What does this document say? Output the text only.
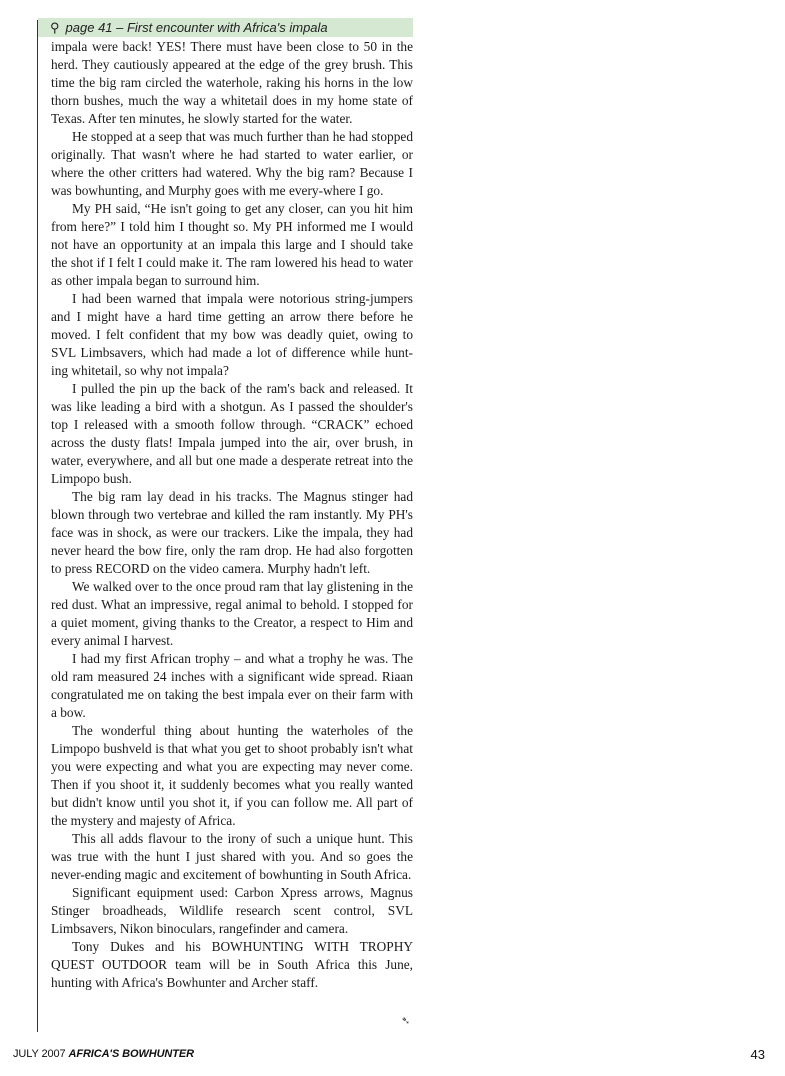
⚲ page 41 – First encounter with Africa's impala

impala were back! YES! There must have been close to 50 in the herd. They cautiously appeared at the edge of the grey brush. This time the big ram circled the waterhole, raking his horns in the low thorn bushes, much the way a whitetail does in my home state of Texas. After ten minutes, he slowly started for the water.

He stopped at a seep that was much further than he had stopped originally. That wasn't where he had started to water earlier, or where the other critters had watered. Why the big ram? Because I was bowhunting, and Murphy goes with me every-where I go.

My PH said, “He isn't going to get any closer, can you hit him from here?” I told him I thought so. My PH informed me I would not have an opportunity at an impala this large and I should take the shot if I felt I could make it. The ram lowered his head to water as other impala began to surround him.

I had been warned that impala were notorious string-jumpers and I might have a hard time getting an arrow there before he moved. I felt confident that my bow was deadly quiet, owing to SVL Limbsavers, which had made a lot of difference while hunt-ing whitetail, so why not impala?

I pulled the pin up the back of the ram's back and released. It was like leading a bird with a shotgun. As I passed the shoulder's top I released with a smooth follow through. “CRACK” echoed across the dusty flats! Impala jumped into the air, over brush, in water, everywhere, and all but one made a desperate retreat into the Limpopo bush.

The big ram lay dead in his tracks. The Magnus stinger had blown through two vertebrae and killed the ram instantly. My PH's face was in shock, as were our trackers. Like the impala, they had never heard the bow fire, only the ram drop. He had also forgotten to press RECORD on the video camera. Murphy hadn't left.

We walked over to the once proud ram that lay glistening in the red dust. What an impressive, regal animal to behold. I stopped for a quiet moment, giving thanks to the Creator, a respect to Him and every animal I harvest.

I had my first African trophy – and what a trophy he was. The old ram measured 24 inches with a significant wide spread. Riaan congratulated me on taking the best impala ever on their farm with a bow.

The wonderful thing about hunting the waterholes of the Limpopo bushveld is that what you get to shoot probably isn't what you were expecting and what you are expecting may never come. Then if you shoot it, it suddenly becomes what you really wanted but didn't know until you shot it, if you can follow me. All part of the mystery and majesty of Africa.

This all adds flavour to the irony of such a unique hunt. This was true with the hunt I just shared with you. And so goes the never-ending magic and excitement of bowhunting in South Africa.

Significant equipment used: Carbon Xpress arrows, Magnus Stinger broadheads, Wildlife research scent control, SVL Limbsavers, Nikon binoculars, rangefinder and camera.

Tony Dukes and his BOWHUNTING WITH TROPHY QUEST OUTDOOR team will be in South Africa this June, hunting with Africa's Bowhunter and Archer staff.

➴
JULY 2007 AFRICA'S BOWHUNTER	43
